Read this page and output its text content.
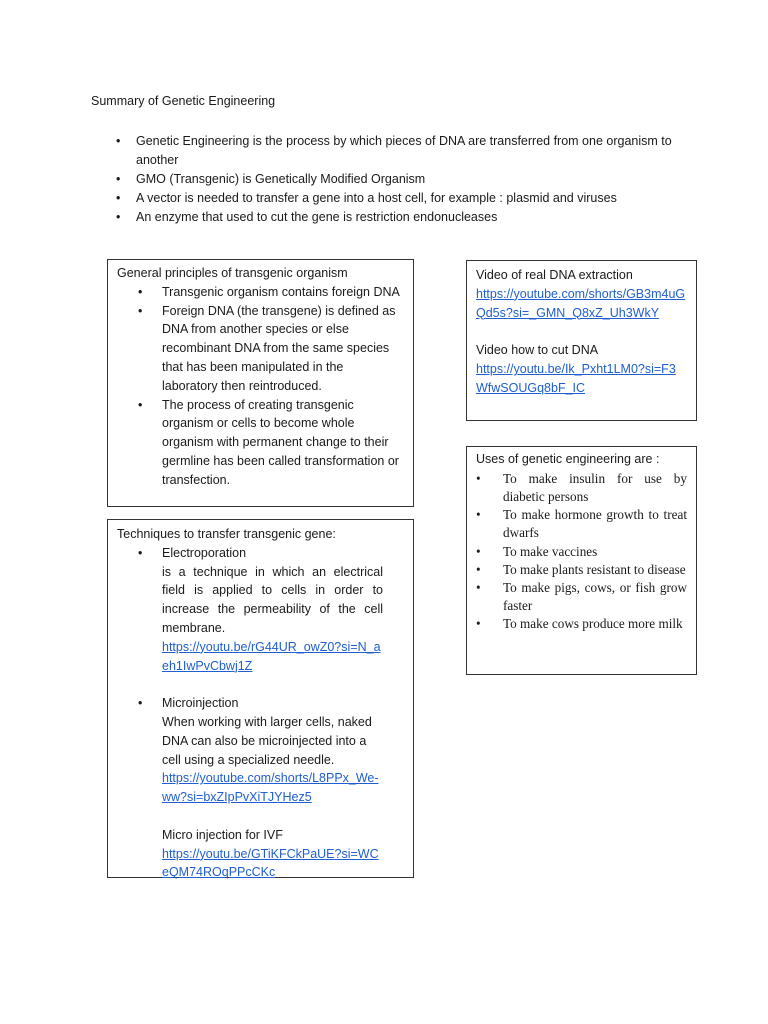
Summary of Genetic Engineering
• Genetic Engineering is the process by which pieces of DNA are transferred from one organism to another
• GMO (Transgenic) is Genetically Modified Organism
• A vector is needed to transfer a gene into a host cell, for example : plasmid and viruses
• An enzyme that used to cut the gene is restriction endonucleases
General principles of transgenic organism
• Transgenic organism contains foreign DNA
• Foreign DNA (the transgene) is defined as DNA from another species or else recombinant DNA from the same species that has been manipulated in the laboratory then reintroduced.
• The process of creating transgenic organism or cells to become whole organism with permanent change to their germline has been called transformation or transfection.
Video of real DNA extraction
https://youtube.com/shorts/GB3m4uGQd5s?si=_GMN_Q8xZ_Uh3WkY
Video how to cut DNA
https://youtu.be/Ik_Pxht1LM0?si=F3WfwSOUGq8bF_IC
Techniques to transfer transgenic gene:
• Electroporation
is a technique in which an electrical field is applied to cells in order to increase the permeability of the cell membrane.
https://youtu.be/rG44UR_owZ0?si=N_aeh1IwPvCbwj1Z
• Microinjection
When working with larger cells, naked DNA can also be microinjected into a cell using a specialized needle.
https://youtube.com/shorts/L8PPx_We-ww?si=bxZIpPvXiTJYHez5
Micro injection for IVF
https://youtu.be/GTiKFCkPaUE?si=WCeQM74ROqPPcCKc
Uses of genetic engineering are :
• To make insulin for use by diabetic persons
• To make hormone growth to treat dwarfs
• To make vaccines
• To make plants resistant to disease
• To make pigs, cows, or fish grow faster
• To make cows produce more milk
